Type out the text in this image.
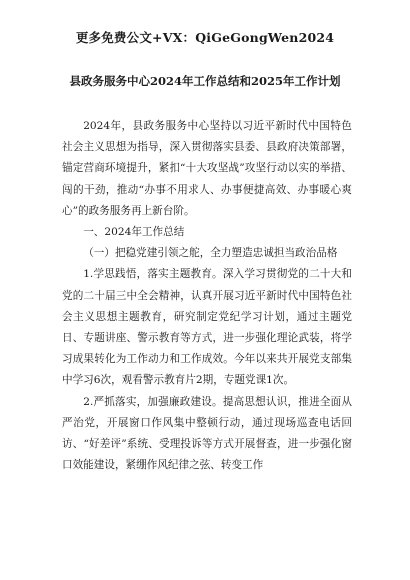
更多免费公文+VX：QiGeGongWen2024
县政务服务中心2024年工作总结和2025年工作计划

2024年，县政务服务中心坚持以习近平新时代中国特色社会主义思想为指导，深入贯彻落实县委、县政府决策部署，锚定营商环境提升，紧扣“十大攻坚战”攻坚行动以实的举措、闯的干劲，推动“办事不用求人、办事便捷高效、办事暖心爽心”的政务服务再上新台阶。

一、2024年工作总结

（一）把稳党建引领之舵，全力塑造忠诚担当政治品格

1.学思践悟，落实主题教育。深入学习贯彻党的二十大和党的二十届三中全会精神，认真开展习近平新时代中国特色社会主义思想主题教育，研究制定党纪学习计划，通过主题党日、专题讲座、警示教育等方式，进一步强化理论武装，将学习成果转化为工作动力和工作成效。今年以来共开展党支部集中学习6次，观看警示教育片2期，专题党课1次。

2.严抓落实，加强廉政建设。提高思想认识，推进全面从严治党，开展窗口作风集中整顿行动，通过现场巡查电话回访、“好差评”系统、受理投诉等方式开展督查，进一步强化窗口效能建设，紧绷作风纪律之弦、转变工作
